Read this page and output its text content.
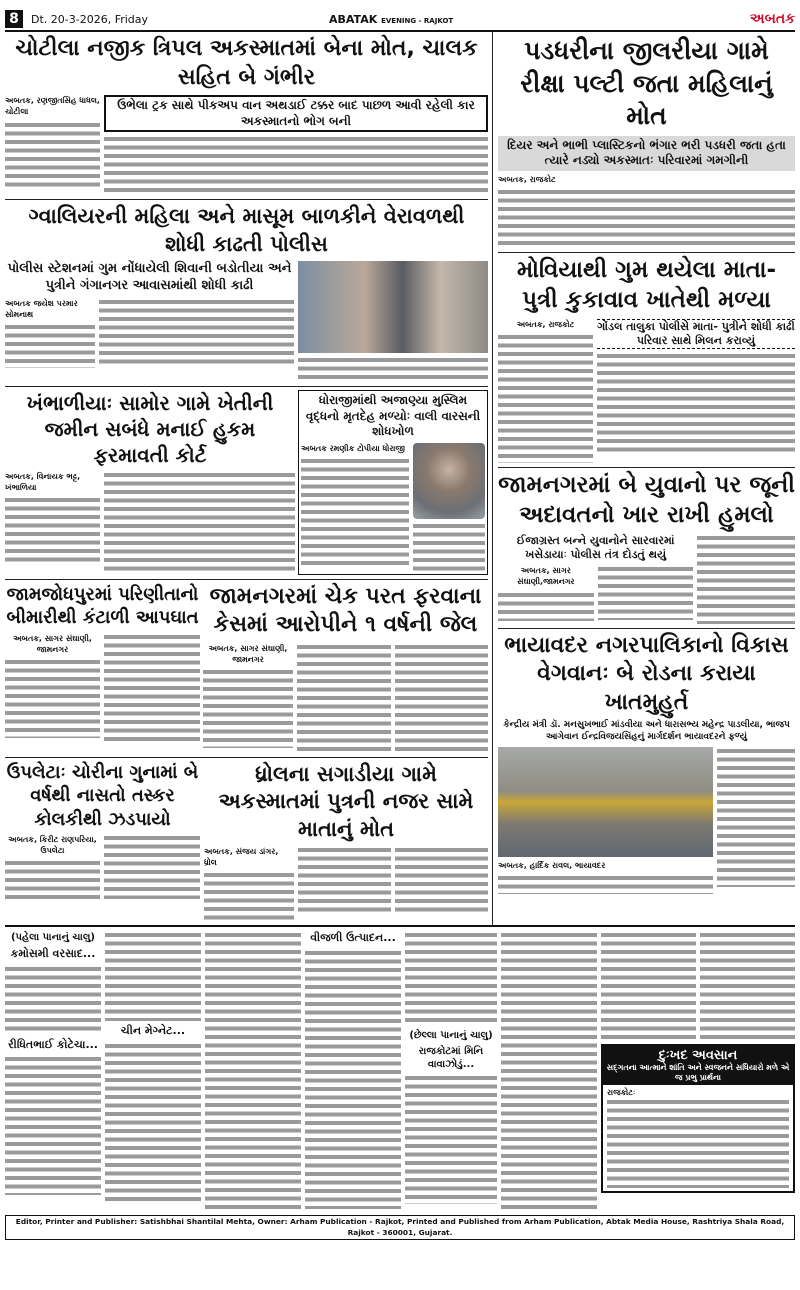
8	Dt. 20-3-2026, Friday	ABATAK EVENING - RAJKOT	અબતક
ચોટીલા નજીક ત્રિપલ અકસ્માતમાં બેના મોત, ચાલક સહિત બે ગંભીર
અબતક, રણજીતસિંહ ધાધલ, ચોટીલા	ઉભેલા ટ્રક સાથે પીકઅપ વાન અથડાઈ ટક્કર બાદ પાછળ આવી રહેલી કાર અકસ્માતનો ભોગ બની
ગ્વાલિયરની મહિલા અને માસૂમ બાળકીને વેરાવળથી શોધી કાઢતી પોલીસ
પોલીસ સ્ટેશનમાં ગુમ નોંધાયેલી શિવાની બડોતીયા અને પુત્રીને ગંગાનગર આવાસમાંથી શોધી કાઢી
અબતક જયેશ પરમાર સોમનાથ
ખંભાળીયાઃ સામોર ગામે ખેતીની જમીન સબંધે મનાઈ હુકમ ફરમાવતી કોર્ટ
અબતક, વિનાયક ભટ્ટ, ખંભાળિયા
ધોરાજીમાંથી અજાણ્યા મુસ્લિમ વૃદ્ધનો મૃતદેહ મળ્યોઃ વાલી વારસની શોધખોળ
અબતક રમણીક ટોપીયા ધોરાજી
જામજોધપુરમાં પરિણીતાનો બીમારીથી કંટાળી આપઘાત
અબતક, સાગર સંઘાણી, જામનગર
જામનગરમાં ચેક પરત ફરવાના કેસમાં આરોપીને ૧ વર્ષની જેલ
અબતક, સાગર સંઘાણી, જામનગર
ઉપલેટાઃ ચોરીના ગુનામાં બે વર્ષથી નાસતો તસ્કર કોલકીથી ઝડપાયો
અબતક, કિરીટ રાણપરિયા, ઉપલેટા
ધ્રોલના સગાડીયા ગામે અકસ્માતમાં પુત્રની નજર સામે માતાનું મોત
અબતક, સંજય ડાંગર, ધ્રોલ
પડધરીના જીલરીયા ગામે રીક્ષા પલ્ટી જતા મહિલાનું મોત
દિયર અને ભાભી પ્લાસ્ટિકનો ભંગાર ભરી પડધરી જતા હતા ત્યારે નડ્યો અકસ્માતઃ પરિવારમાં ગમગીની
અબતક, રાજકોટ
મોવિયાથી ગુમ થયેલા માતા- પુત્રી કુકાવાવ ખાતેથી મળ્યા
અબતક, રાજકોટ	ગોંડલ તાલુકા પોલીસે માતા- પુત્રીને શોધી કાઢી પરિવાર સાથે મિલન કરાવ્યું
જામનગરમાં બે યુવાનો પર જૂની અદાવતનો ખાર રાખી હુમલો
ઈજાગ્રસ્ત બન્ને યુવાનોને સારવારમાં ખસેડાયાઃ પોલીસ તંત્ર દોડતું થયું
અબતક, સાગર સંઘાણી,જામનગર
ભાયાવદર નગરપાલિકાનો વિકાસ વેગવાનઃ બે રોડના કરાયા ખાતમુહુર્ત
કેન્દ્રીય મંત્રી ડૉ. મનસુખભાઈ માંડવીયા અને ધારાસભ્ય મહેન્દ્ર પાડલીયા, ભાજપ આગેવાન ઈન્દ્રવિજયસિંહનું માર્ગદર્શન ભાયાવદરને ફળ્યું
અબતક, હાર્દિક રાવલ, ભાયાવદર
(પહેલા પાનાનું ચાલુ)
કમોસમી વરસાદ...
રીધિતભાઈ કોટેચા...
ચીન મેગ્નેટ...
વીજળી ઉત્પાદન...
(છેલ્લા પાનાનું ચાલુ)
રાજકોટમાં મિનિ વાવાઝોડું...
દુઃખદ અવસાન
સદ્ગતના આત્માને શાંતિ અને સ્વજનને સધિયારો મળે એ જ પ્રભુ પ્રાર્થના
રાજકોટઃ
Editor, Printer and Publisher: Satishbhai Shantilal Mehta, Owner: Arham Publication - Rajkot, Printed and Published from Arham Publication, Abtak Media House, Rashtriya Shala Road, Rajkot - 360001, Gujarat.
